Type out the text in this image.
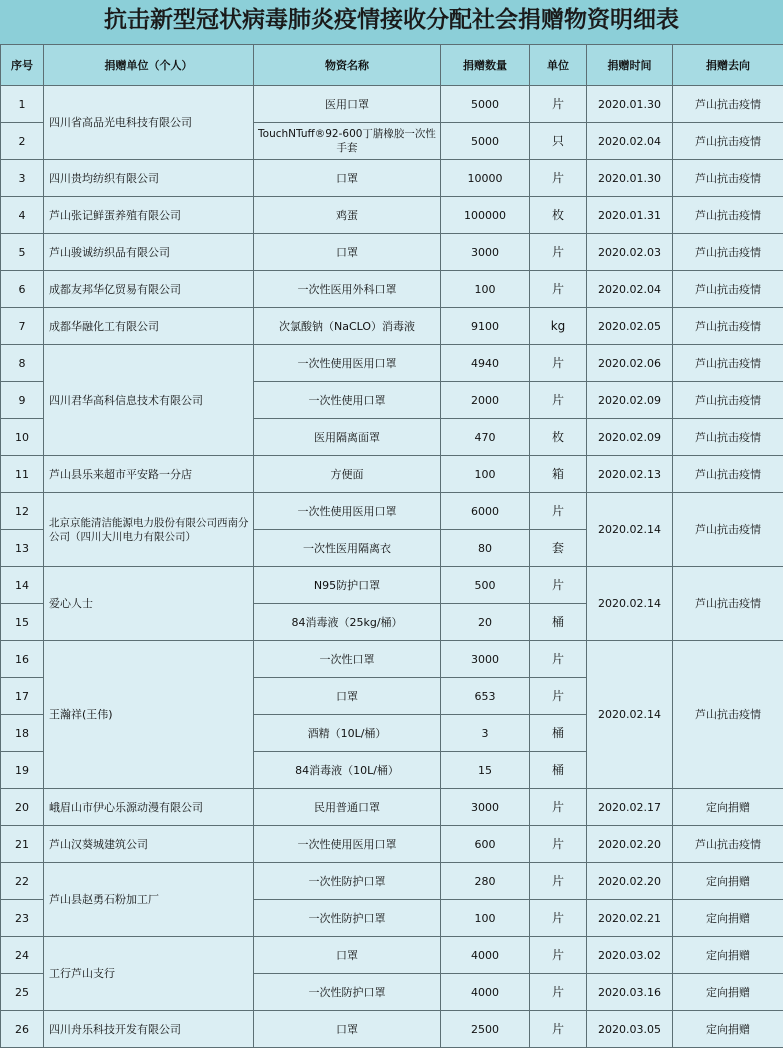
抗击新型冠状病毒肺炎疫情接收分配社会捐赠物资明细表
序号	捐赠单位（个人）	物资名称	捐赠数量	单位	捐赠时间	捐赠去向
1	四川省高品光电科技有限公司	医用口罩	5000	片	2020.01.30	芦山抗击疫情
2		TouchNTuff®92-600丁腈橡胶一次性手套	5000	只	2020.02.04	芦山抗击疫情
3	四川贵均纺织有限公司	口罩	10000	片	2020.01.30	芦山抗击疫情
4	芦山张记鲜蛋养殖有限公司	鸡蛋	100000	枚	2020.01.31	芦山抗击疫情
5	芦山骏诚纺织品有限公司	口罩	3000	片	2020.02.03	芦山抗击疫情
6	成都友邦华亿贸易有限公司	一次性医用外科口罩	100	片	2020.02.04	芦山抗击疫情
7	成都华融化工有限公司	次氯酸钠（NaCLO）消毒液	9100	kg	2020.02.05	芦山抗击疫情
8	四川君华高科信息技术有限公司	一次性使用医用口罩	4940	片	2020.02.06	芦山抗击疫情
9		一次性使用口罩	2000	片	2020.02.09	芦山抗击疫情
10		医用隔离面罩	470	枚	2020.02.09	芦山抗击疫情
11	芦山县乐来超市平安路一分店	方便面	100	箱	2020.02.13	芦山抗击疫情
12	北京京能清洁能源电力股份有限公司西南分公司（四川大川电力有限公司）	一次性使用医用口罩	6000	片	2020.02.14	芦山抗击疫情
13		一次性医用隔离衣	80	套		
14	爱心人士	N95防护口罩	500	片	2020.02.14	芦山抗击疫情
15		84消毒液（25kg/桶）	20	桶		
16	王瀚祥(王伟)	一次性口罩	3000	片	2020.02.14	芦山抗击疫情
17		口罩	653	片		
18		酒精（10L/桶）	3	桶		
19		84消毒液（10L/桶）	15	桶		
20	峨眉山市伊心乐源动漫有限公司	民用普通口罩	3000	片	2020.02.17	定向捐赠
21	芦山汉葵城建筑公司	一次性使用医用口罩	600	片	2020.02.20	芦山抗击疫情
22	芦山县赵勇石粉加工厂	一次性防护口罩	280	片	2020.02.20	定向捐赠
23		一次性防护口罩	100	片	2020.02.21	定向捐赠
24	工行芦山支行	口罩	4000	片	2020.03.02	定向捐赠
25		一次性防护口罩	4000	片	2020.03.16	定向捐赠
26	四川舟乐科技开发有限公司	口罩	2500	片	2020.03.05	定向捐赠
